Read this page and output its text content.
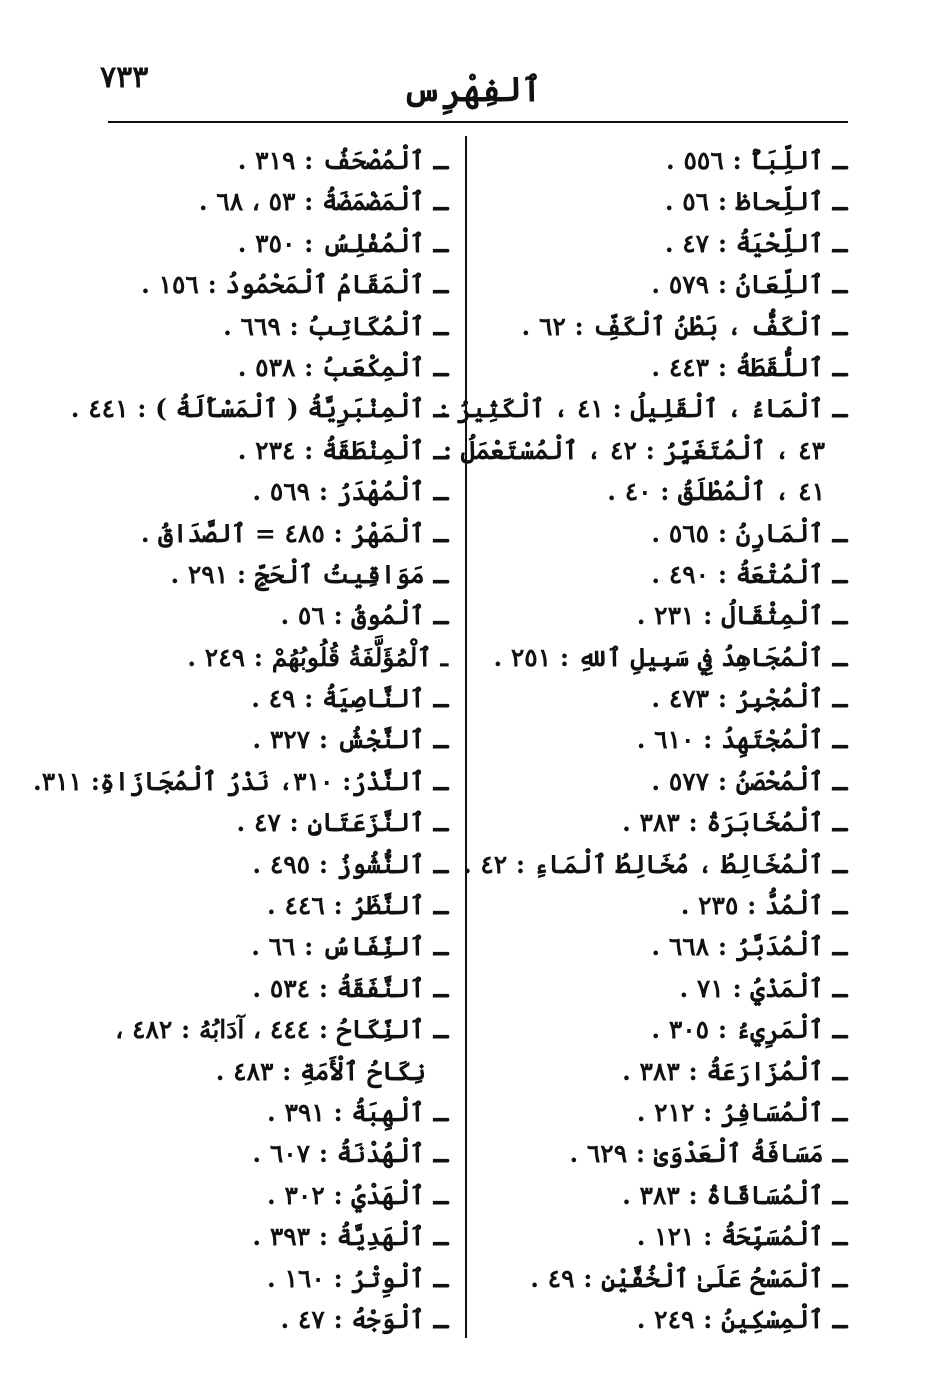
٧٣٣	ٱلفِهْرِس
ـ ٱللِّبَأُ : ٥٥٦ .
ـ ٱللِّحاظ : ٥٦ .
ـ ٱللِّحْيَةُ : ٤٧ .
ـ ٱللِّعَانُ : ٥٧٩ .
ـ ٱلْكَفُّ ، بَطْنُ ٱلْكَفِّ : ٦٢ .
ـ ٱللُّقَطَةُ : ٤٤٣ .
ـ ٱلْمَاءُ ، ٱلْقَلِيلُ : ٤١ ، ٱلْكَثِيرُ :
٤٣ ، ٱلْمُتَغَيِّرُ : ٤٢ ، ٱلْمُسْتَعْمَلُ :
٤١ ، ٱلْمُطْلَقُ : ٤٠ .
ـ ٱلْمَارِنُ : ٥٦٥ .
ـ ٱلْمُتْعَةُ : ٤٩٠ .
ـ ٱلْمِثْقَالُ : ٢٣١ .
ـ ٱلْمُجَاهِدُ فِي سَبِيلِ ٱللهِ : ٢٥١ .
ـ ٱلْمُجْبِرُ : ٤٧٣ .
ـ ٱلْمُجْتَهِدُ : ٦١٠ .
ـ ٱلْمُحْصَنُ : ٥٧٧ .
ـ ٱلْمُخَابَرَةُ : ٣٨٣ .
ـ ٱلْمُخَالِطُ ، مُخَالِطُ ٱلْمَاءِ : ٤٢ .
ـ ٱلْمُدُّ : ٢٣٥ .
ـ ٱلْمُدَبَّرُ : ٦٦٨ .
ـ ٱلْمَذْيُ : ٧١ .
ـ ٱلْمَرِيءُ : ٣٠٥ .
ـ ٱلْمُزَارَعَةُ : ٣٨٣ .
ـ ٱلْمُسَافِرُ : ٢١٢ .
ـ مَسَافَةُ ٱلْعَدْوَىٰ : ٦٢٩ .
ـ ٱلْمُسَاقَاةُ : ٣٨٣ .
ـ ٱلْمُسَبِّحَةُ : ١٢١ .
ـ ٱلْمَسْحُ عَلَىٰ ٱلْخُفَّيْنِ : ٤٩ .
ـ ٱلْمِسْكِينُ : ٢٤٩ .
ـ ٱلْمُصْحَفُ : ٣١٩ .
ـ ٱلْمَضْمَضَةُ : ٥٣ ، ٦٨ .
ـ ٱلْمُفْلِسُ : ٣٥٠ .
ـ ٱلْمَقَامُ ٱلْمَحْمُودُ : ١٥٦ .
ـ ٱلْمُكَاتِبُ : ٦٦٩ .
ـ ٱلْمِكْعَبُ : ٥٣٨ .
ـ ٱلْمِنْبَرِيَّةُ ( ٱلْمَسْأَلَةُ ) : ٤٤١ .
ـ ٱلْمِنْطَقَةُ : ٢٣٤ .
ـ ٱلْمُهْدَرُ : ٥٦٩ .
ـ ٱلْمَهْرُ : ٤٨٥ = ٱلصَّدَاقُ .
ـ مَوَاقِيتُ ٱلْحَجِّ : ٢٩١ .
ـ ٱلْمُوقُ : ٥٦ .
ـ ٱلْمُؤَلَّفَةُ قُلُوبُهُمْ : ٢٤٩ .
ـ ٱلنَّاصِيَةُ : ٤٩ .
ـ ٱلنَّجْشُ : ٣٢٧ .
ـ ٱلنَّذْرُ: ٣١٠، نَذْرُ ٱلْمُجَازَاةِ: ٣١١.
ـ ٱلنَّزَعَتَانِ : ٤٧ .
ـ ٱلنُّشُوزُ : ٤٩٥ .
ـ ٱلنَّظَرُ : ٤٤٦ .
ـ ٱلنِّفَاسُ : ٦٦ .
ـ ٱلنَّفَقَةُ : ٥٣٤ .
ـ ٱلنِّكَاحُ : ٤٤٤ ، آدَابُهُ : ٤٨٢ ،
نِكَاحُ ٱلْأَمَةِ : ٤٨٣ .
ـ ٱلْهِبَةُ : ٣٩١ .
ـ ٱلْهُدْنَةُ : ٦٠٧ .
ـ ٱلْهَدْيُ : ٣٠٢ .
ـ ٱلْهَدِيَّةُ : ٣٩٣ .
ـ ٱلْوِتْرُ : ١٦٠ .
ـ ٱلْوَجْهُ : ٤٧ .
